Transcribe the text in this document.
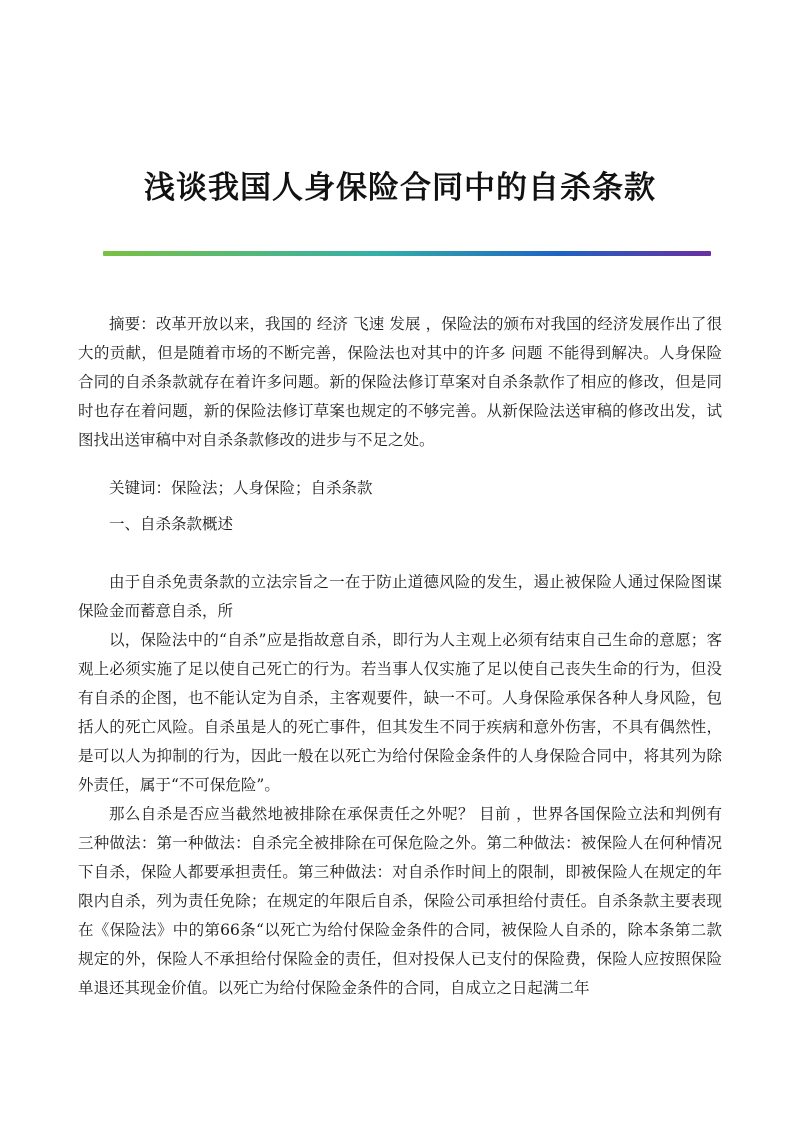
浅谈我国人身保险合同中的自杀条款

摘要：改革开放以来，我国的 经济 飞速 发展 ，保险法的颁布对我国的经济发展作出了很大的贡献，但是随着市场的不断完善，保险法也对其中的许多 问题 不能得到解决。人身保险合同的自杀条款就存在着许多问题。新的保险法修订草案对自杀条款作了相应的修改，但是同时也存在着问题，新的保险法修订草案也规定的不够完善。从新保险法送审稿的修改出发，试图找出送审稿中对自杀条款修改的进步与不足之处。

关键词：保险法；人身保险；自杀条款

一、自杀条款概述

由于自杀免责条款的立法宗旨之一在于防止道德风险的发生，遏止被保险人通过保险图谋保险金而蓄意自杀，所

以，保险法中的“自杀”应是指故意自杀，即行为人主观上必须有结束自己生命的意愿；客观上必须实施了足以使自己死亡的行为。若当事人仅实施了足以使自己丧失生命的行为，但没有自杀的企图，也不能认定为自杀，主客观要件，缺一不可。人身保险承保各种人身风险，包括人的死亡风险。自杀虽是人的死亡事件，但其发生不同于疾病和意外伤害，不具有偶然性，是可以人为抑制的行为，因此一般在以死亡为给付保险金条件的人身保险合同中，将其列为除外责任，属于“不可保危险”。

那么自杀是否应当截然地被排除在承保责任之外呢？ 目前 ，世界各国保险立法和判例有三种做法：第一种做法：自杀完全被排除在可保危险之外。第二种做法：被保险人在何种情况下自杀，保险人都要承担责任。第三种做法：对自杀作时间上的限制，即被保险人在规定的年限内自杀，列为责任免除；在规定的年限后自杀，保险公司承担给付责任。自杀条款主要表现在《保险法》中的第66条“以死亡为给付保险金条件的合同，被保险人自杀的，除本条第二款规定的外，保险人不承担给付保险金的责任，但对投保人已支付的保险费，保险人应按照保险单退还其现金价值。以死亡为给付保险金条件的合同，自成立之日起满二年
